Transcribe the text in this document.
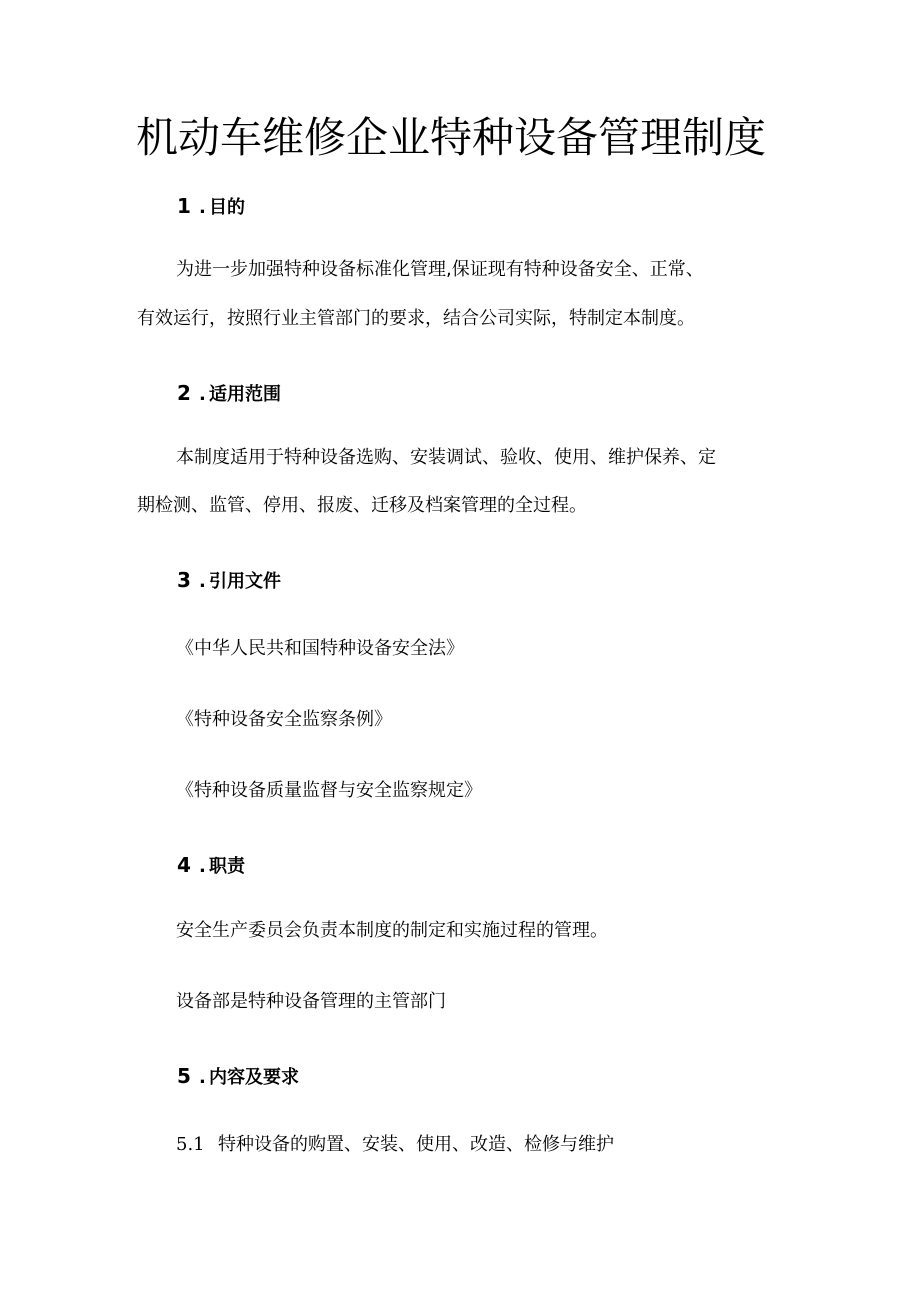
机动车维修企业特种设备管理制度
1 . 目的

为进一步加强特种设备标准化管理,保证现有特种设备安全、正常、

有效运行，按照行业主管部门的要求，结合公司实际，特制定本制度。

2 . 适用范围

本制度适用于特种设备选购、安装调试、验收、使用、维护保养、定

期检测、监管、停用、报废、迁移及档案管理的全过程。

3 . 引用文件

《中华人民共和国特种设备安全法》

《特种设备安全监察条例》

《特种设备质量监督与安全监察规定》

4 . 职责

安全生产委员会负责本制度的制定和实施过程的管理。

设备部是特种设备管理的主管部门

5 . 内容及要求
5.1 特种设备的购置、安装、使用、改造、检修与维护
